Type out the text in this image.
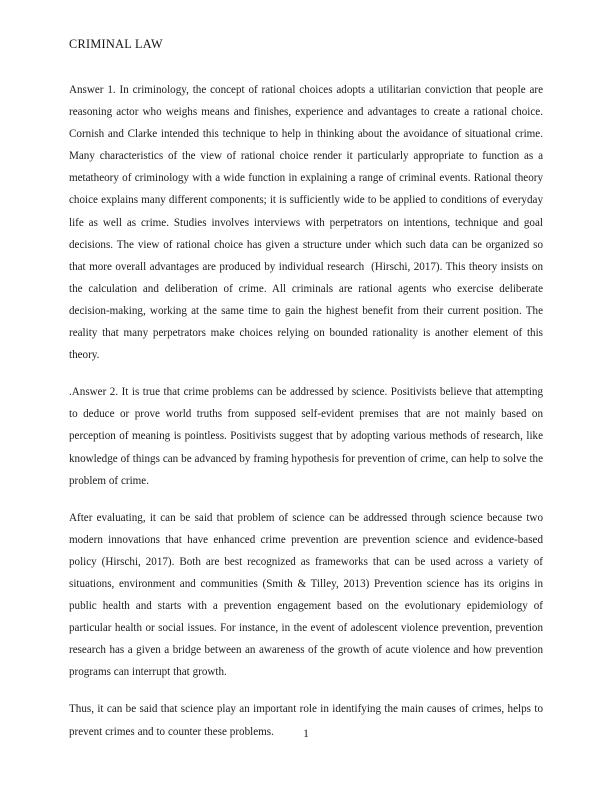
CRIMINAL LAW

Answer 1. In criminology, the concept of rational choices adopts a utilitarian conviction that people are reasoning actor who weighs means and finishes, experience and advantages to create a rational choice. Cornish and Clarke intended this technique to help in thinking about the avoidance of situational crime. Many characteristics of the view of rational choice render it particularly appropriate to function as a metatheory of criminology with a wide function in explaining a range of criminal events. Rational theory choice explains many different components; it is sufficiently wide to be applied to conditions of everyday life as well as crime. Studies involves interviews with perpetrators on intentions, technique and goal decisions. The view of rational choice has given a structure under which such data can be organized so that more overall advantages are produced by individual research  (Hirschi, 2017). This theory insists on the calculation and deliberation of crime. All criminals are rational agents who exercise deliberate decision-making, working at the same time to gain the highest benefit from their current position. The reality that many perpetrators make choices relying on bounded rationality is another element of this theory.

.Answer 2. It is true that crime problems can be addressed by science. Positivists believe that attempting to deduce or prove world truths from supposed self-evident premises that are not mainly based on perception of meaning is pointless. Positivists suggest that by adopting various methods of research, like knowledge of things can be advanced by framing hypothesis for prevention of crime, can help to solve the problem of crime.

After evaluating, it can be said that problem of science can be addressed through science because two modern innovations that have enhanced crime prevention are prevention science and evidence-based policy (Hirschi, 2017). Both are best recognized as frameworks that can be used across a variety of situations, environment and communities (Smith & Tilley, 2013) Prevention science has its origins in public health and starts with a prevention engagement based on the evolutionary epidemiology of particular health or social issues. For instance, in the event of adolescent violence prevention, prevention research has a given a bridge between an awareness of the growth of acute violence and how prevention programs can interrupt that growth.

Thus, it can be said that science play an important role in identifying the main causes of crimes, helps to prevent crimes and to counter these problems.	1
